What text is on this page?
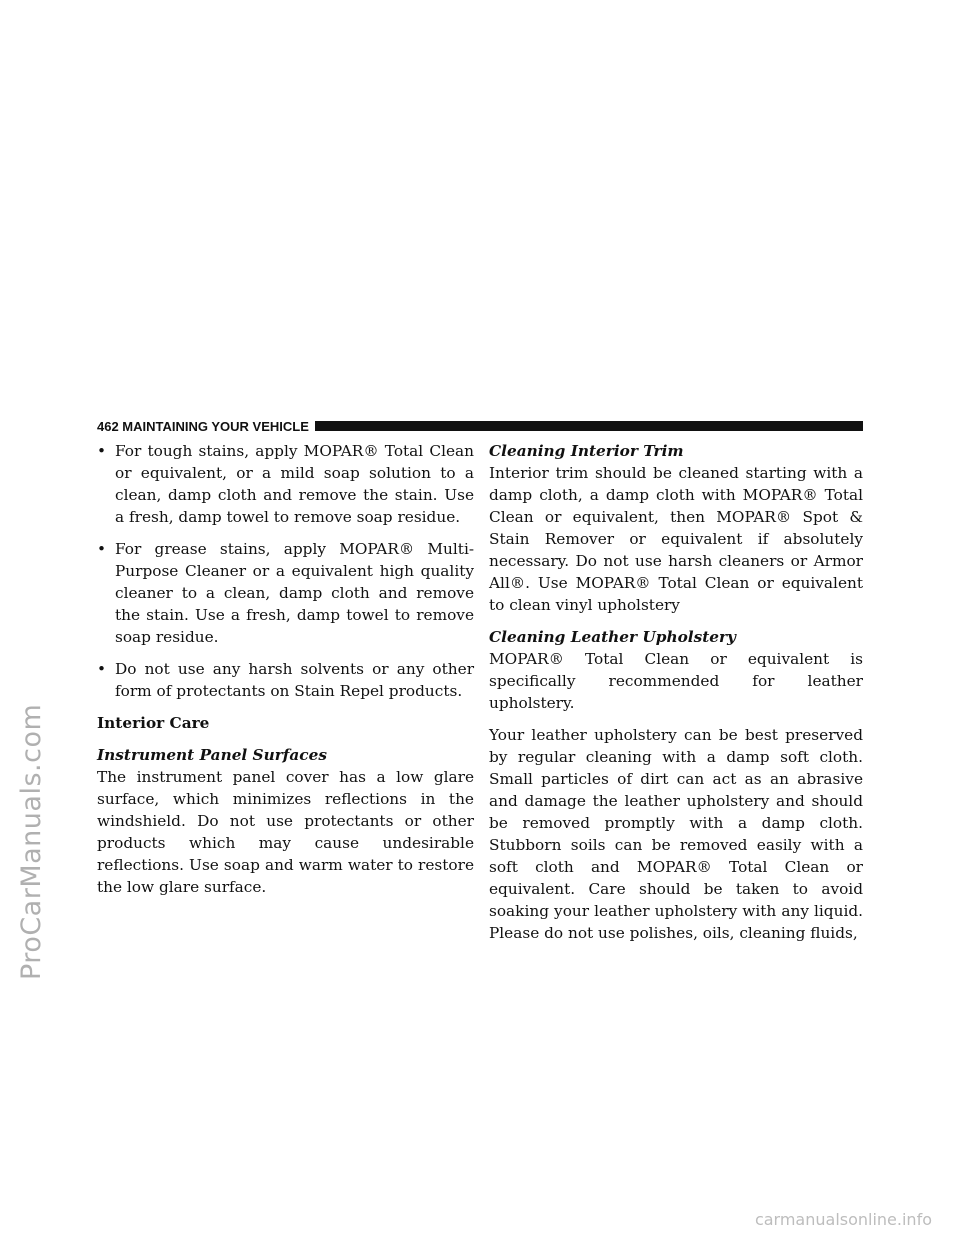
ProCarManuals.com
462 MAINTAINING YOUR VEHICLE
• For tough stains, apply MOPAR® Total Clean or equivalent, or a mild soap solution to a clean, damp cloth and remove the stain. Use a fresh, damp towel to remove soap residue.

• For grease stains, apply MOPAR® Multi-Purpose Cleaner or a equivalent high quality cleaner to a clean, damp cloth and remove the stain. Use a fresh, damp towel to remove soap residue.

• Do not use any harsh solvents or any other form of protectants on Stain Repel products.

Interior Care

Instrument Panel Surfaces

The instrument panel cover has a low glare surface, which minimizes reflections in the windshield. Do not use protectants or other products which may cause undesirable reflections. Use soap and warm water to restore the low glare surface.

Cleaning Interior Trim

Interior trim should be cleaned starting with a damp cloth, a damp cloth with MOPAR® Total Clean or equivalent, then MOPAR® Spot & Stain Remover or equivalent if absolutely necessary. Do not use harsh cleaners or Armor All®. Use MOPAR® Total Clean or equivalent to clean vinyl upholstery

Cleaning Leather Upholstery

MOPAR® Total Clean or equivalent is specifically recommended for leather upholstery.

Your leather upholstery can be best preserved by regular cleaning with a damp soft cloth. Small particles of dirt can act as an abrasive and damage the leather upholstery and should be removed promptly with a damp cloth. Stubborn soils can be removed easily with a soft cloth and MOPAR® Total Clean or equivalent. Care should be taken to avoid soaking your leather upholstery with any liquid. Please do not use polishes, oils, cleaning fluids,

carmanualsonline.info
